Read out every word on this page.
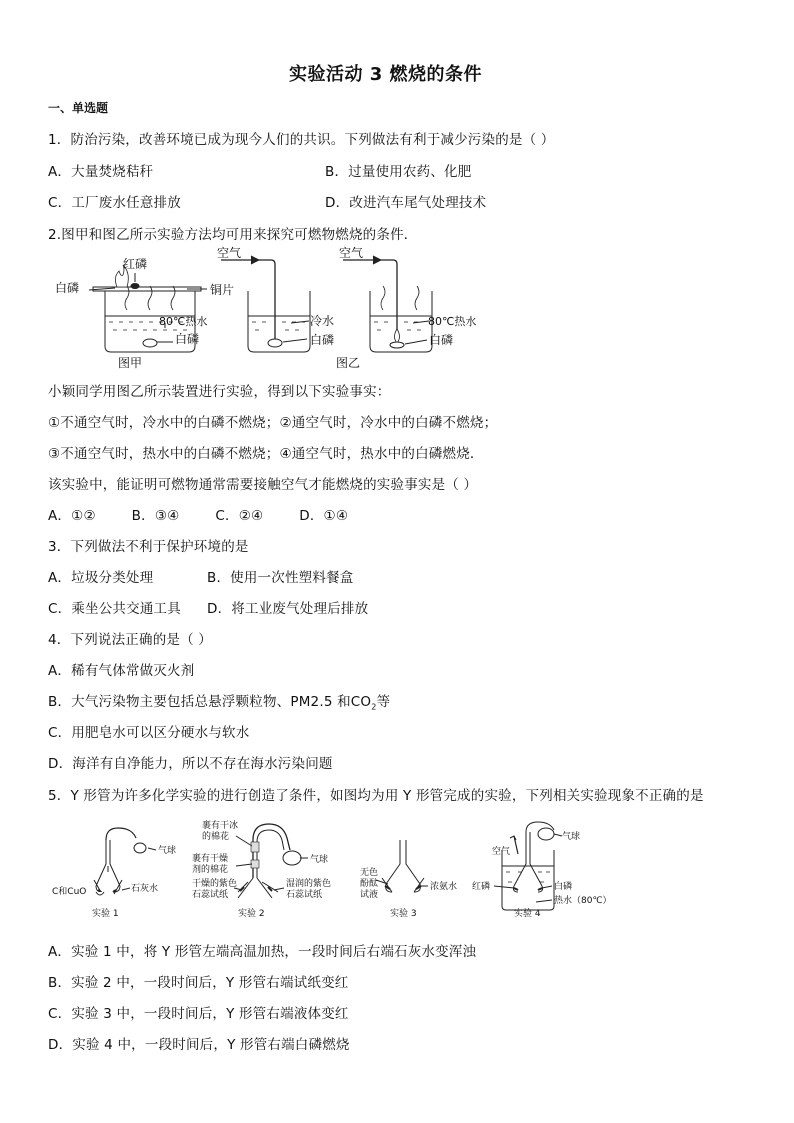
实验活动 3 燃烧的条件
一、单选题
1．防治污染，改善环境已成为现今人们的共识。下列做法有利于减少污染的是（ ）
A．大量焚烧秸秆	B．过量使用农药、化肥
C．工厂废水任意排放	D．改进汽车尾气处理技术
2.图甲和图乙所示实验方法均可用来探究可燃物燃烧的条件．
白磷
红磷
铜片
80℃热水
白磷
图甲
空气
冷水
白磷
空气
80℃热水
白磷
图乙
小颖同学用图乙所示装置进行实验，得到以下实验事实：
①不通空气时，冷水中的白磷不燃烧；②通空气时，冷水中的白磷不燃烧；
③不通空气时，热水中的白磷不燃烧；④通空气时，热水中的白磷燃烧．
该实验中，能证明可燃物通常需要接触空气才能燃烧的实验事实是（ ）
A．①②        B．③④        C．②④        D．①④
3．下列做法不利于保护环境的是
A．垃圾分类处理	B．使用一次性塑料餐盒
C．乘坐公共交通工具 D．将工业废气处理后排放
4．下列说法正确的是（ ）
A．稀有气体常做灭火剂
B．大气污染物主要包括总悬浮颗粒物、PM2.5 和$CO_2$等
C．用肥皂水可以区分硬水与软水
D．海洋有自净能力，所以不存在海水污染问题
5．Y 形管为许多化学实验的进行创造了条件，如图均为用 Y 形管完成的实验，下列相关实验现象不正确的是
气球
C和CuO	石灰水
实验 1
裹有干冰
的棉花
裹有干燥
剂的棉花
干燥的紫色
石蕊试纸
湿润的紫色
石蕊试纸
气球
实验 2
无色
酚酞
试液
浓氨水
实验 3
气球
空气
红磷	白磷
热水（80℃）
实验 4
A．实验 1 中，将 Y 形管左端高温加热，一段时间后右端石灰水变浑浊
B．实验 2 中，一段时间后，Y 形管右端试纸变红
C．实验 3 中，一段时间后，Y 形管右端液体变红
D．实验 4 中，一段时间后，Y 形管右端白磷燃烧
